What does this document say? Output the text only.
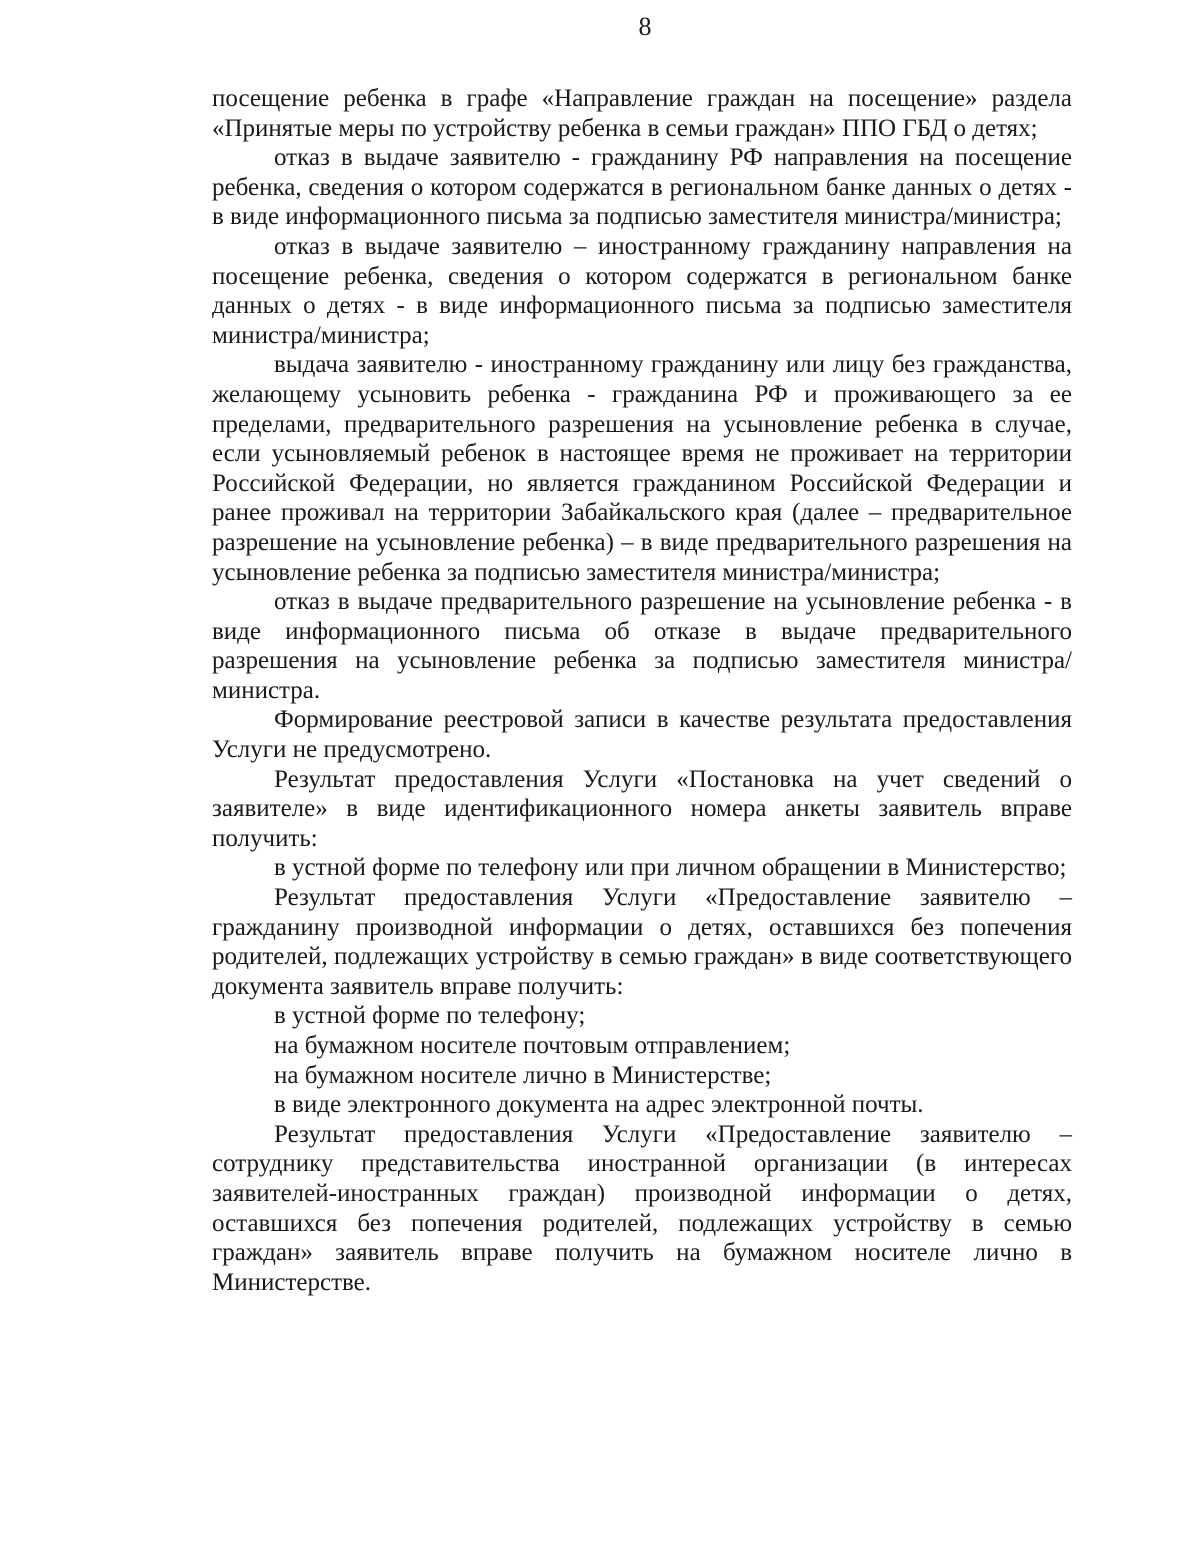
8

посещение ребенка в графе «Направление граждан на посещение» раздела «Принятые меры по устройству ребенка в семьи граждан» ППО ГБД о детях;

отказ в выдаче заявителю - гражданину РФ направления на посещение ребенка, сведения о котором содержатся в региональном банке данных о детях - в виде информационного письма за подписью заместителя министра/министра;

отказ в выдаче заявителю – иностранному гражданину направления на посещение ребенка, сведения о котором содержатся в региональном банке данных о детях - в виде информационного письма за подписью заместителя министра/министра;

выдача заявителю - иностранному гражданину или лицу без гражданства, желающему усыновить ребенка - гражданина РФ и проживающего за ее пределами, предварительного разрешения на усыновление ребенка в случае, если усыновляемый ребенок в настоящее время не проживает на территории Российской Федерации, но является гражданином Российской Федерации и ранее проживал на территории Забайкальского края (далее – предварительное разрешение на усыновление ребенка) – в виде предварительного разрешения на усыновление ребенка за подписью заместителя министра/министра;

отказ в выдаче предварительного разрешение на усыновление ребенка - в виде информационного письма об отказе в выдаче предварительного разрешения на усыновление ребенка за подписью заместителя министра/министра.

Формирование реестровой записи в качестве результата предоставления Услуги не предусмотрено.

Результат предоставления Услуги «Постановка на учет сведений о заявителе» в виде идентификационного номера анкеты заявитель вправе получить:

в устной форме по телефону или при личном обращении в Министерство;

Результат предоставления Услуги «Предоставление заявителю – гражданину производной информации о детях, оставшихся без попечения родителей, подлежащих устройству в семью граждан» в виде соответствующего документа заявитель вправе получить:

в устной форме по телефону;

на бумажном носителе почтовым отправлением;

на бумажном носителе лично в Министерстве;

в виде электронного документа на адрес электронной почты.

Результат предоставления Услуги «Предоставление заявителю – сотруднику представительства иностранной организации (в интересах заявителей-иностранных граждан) производной информации о детях, оставшихся без попечения родителей, подлежащих устройству в семью граждан» заявитель вправе получить на бумажном носителе лично в Министерстве.
